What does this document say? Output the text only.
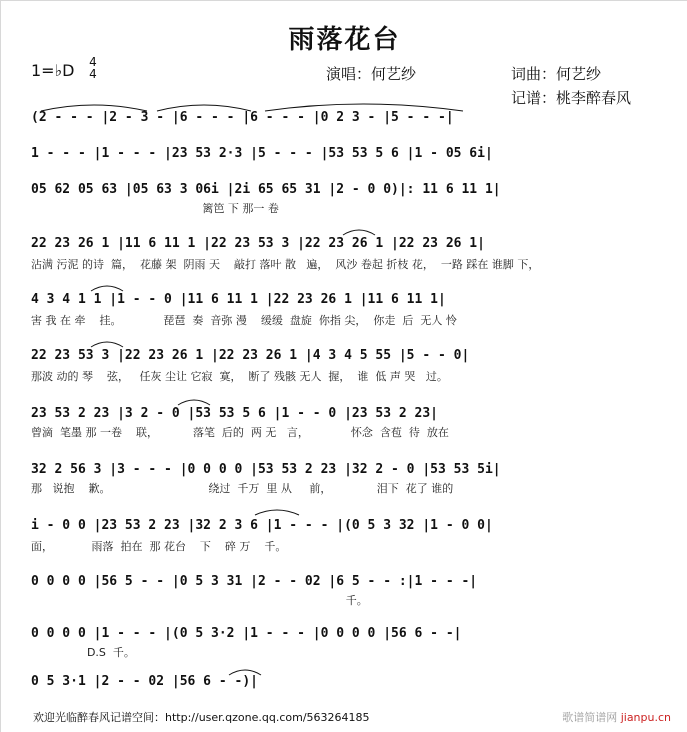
雨落花台
1=♭D 4
4	演唱：何艺纱	词曲：何艺纱
记谱：桃李醉春风
(2 - - - |2 - 3 - |6 - - - |6 - - - |0 2 3 - |5 - - -|
1 - - - |1 - - - |23 53 2·3 |5 - - - |53 53 5 6 |1 - 05 6i|
05 62 05 63 |05 63 3 06i |2i 65 65 31 |2 - 0 0)|: 11 6 11 1|
篱笆 下 那一 卷
22 23 26 1 |11 6 11 1 |22 23 53 3 |22 23 26 1 |22 23 26 1|
沾满 污泥 的诗  篇，  花藤 架  阴雨 天    敲打 落叶 散   遍，  风沙 卷起 折枝 花，  一路 踩在 谁脚 下，
4 3 4 1 1 |1 - - 0 |11 6 11 1 |22 23 26 1 |11 6 11 1|
害 我 在 牵    挂。            琵琶  奏  音弥 漫    缓缓  盘旋  你指 尖，  你走  后  无人 怜
22 23 53 3 |22 23 26 1 |22 23 26 1 |4 3 4 5 55 |5 - - 0|
那波 动的 琴    弦，   任灰 尘让 它寂  寞，  断了 残骸 无人  握，  谁  低 声 哭   过。
23 53 2 23 |3 2 - 0 |53 53 5 6 |1 - - 0 |23 53 2 23|
曾滴  笔墨 那 一卷    联，          落笔  后的  两 无   言，            怀念  含苞  待  放在
32 2 56 3 |3 - - - |0 0 0 0 |53 53 2 23 |32 2 - 0 |53 53 5i|
那   说抱    歉。                            绕过  千万  里 从     前，             泪下  花了 谁的
i - 0 0 |23 53 2 23 |32 2 3 6 |1 - - - |(0 5 3 32 |1 - 0 0|
面，           雨落  拍在  那 花台    下    碎 万    千。
0 0 0 0 |56 5 - - |0 5 3 31 |2 - - 02 |6 5 - - :|1 - - -|
千。
0 0 0 0 |1 - - - |(0 5 3·2 |1 - - - |0 0 0 0 |56 6 - -|
D.S  千。
0 5 3·1 |2 - - 02 |56 6 - -)|
欢迎光临醉春风记谱空间：http://user.qzone.qq.com/563264185	歌谱简谱网 jianpu.cn
